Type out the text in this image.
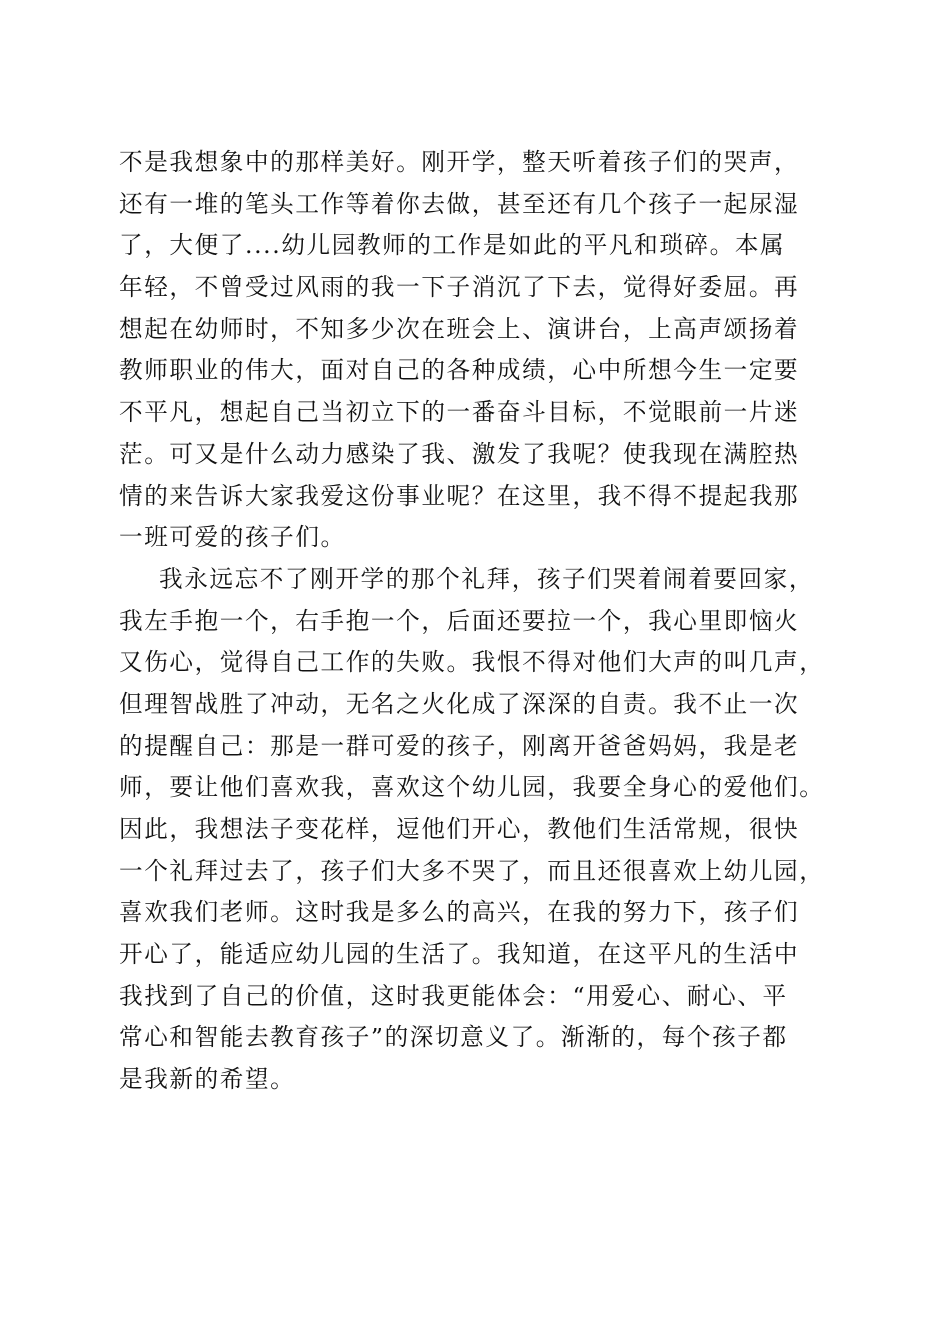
不是我想象中的那样美好。刚开学，整天听着孩子们的哭声，
还有一堆的笔头工作等着你去做，甚至还有几个孩子一起尿湿
了，大便了....幼儿园教师的工作是如此的平凡和琐碎。本属
年轻，不曾受过风雨的我一下子消沉了下去，觉得好委屈。再
想起在幼师时，不知多少次在班会上、演讲台，上高声颂扬着
教师职业的伟大，面对自己的各种成绩，心中所想今生一定要
不平凡，想起自己当初立下的一番奋斗目标，不觉眼前一片迷
茫。可又是什么动力感染了我、激发了我呢？使我现在满腔热
情的来告诉大家我爱这份事业呢？在这里，我不得不提起我那
一班可爱的孩子们。
我永远忘不了刚开学的那个礼拜，孩子们哭着闹着要回家，
我左手抱一个，右手抱一个，后面还要拉一个，我心里即恼火
又伤心，觉得自己工作的失败。我恨不得对他们大声的叫几声，
但理智战胜了冲动，无名之火化成了深深的自责。我不止一次
的提醒自己：那是一群可爱的孩子，刚离开爸爸妈妈，我是老
师，要让他们喜欢我，喜欢这个幼儿园，我要全身心的爱他们。
因此，我想法子变花样，逗他们开心，教他们生活常规，很快
一个礼拜过去了，孩子们大多不哭了，而且还很喜欢上幼儿园，
喜欢我们老师。这时我是多么的高兴，在我的努力下，孩子们
开心了，能适应幼儿园的生活了。我知道，在这平凡的生活中
我找到了自己的价值，这时我更能体会：“用爱心、耐心、平
常心和智能去教育孩子”的深切意义了。渐渐的，每个孩子都
是我新的希望。
